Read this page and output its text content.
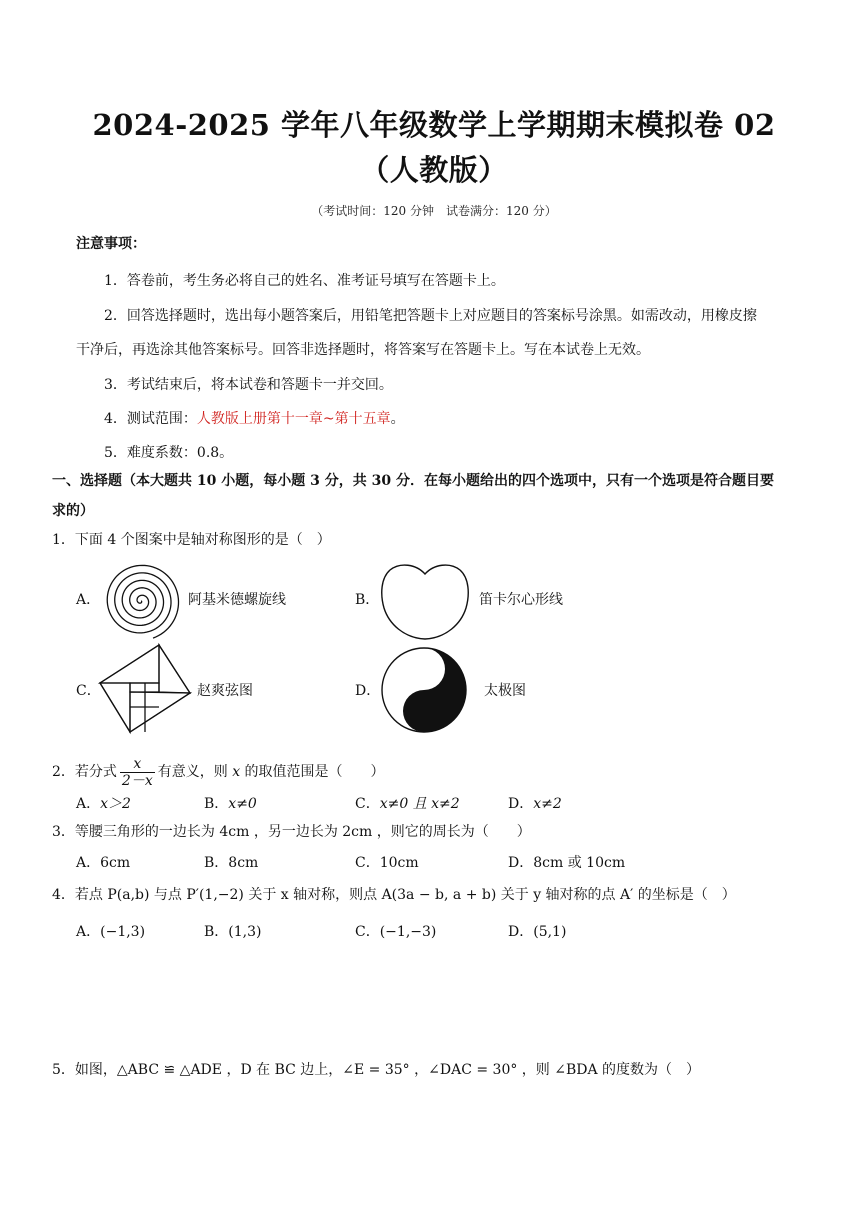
2024-2025 学年八年级数学上学期期末模拟卷 02
（人教版）
（考试时间：120 分钟　试卷满分：120 分）
注意事项：
1．答卷前，考生务必将自己的姓名、准考证号填写在答题卡上。
2．回答选择题时，选出每小题答案后，用铅笔把答题卡上对应题目的答案标号涂黑。如需改动，用橡皮擦
干净后，再选涂其他答案标号。回答非选择题时，将答案写在答题卡上。写在本试卷上无效。
3．考试结束后，将本试卷和答题卡一并交回。
4．测试范围：人教版上册第十一章~第十五章。
5．难度系数：0.8。
一、选择题（本大题共 10 小题，每小题 3 分，共 30 分．在每小题给出的四个选项中，只有一个选项是符合题目要
求的）
1．下面 4 个图案中是轴对称图形的是（　）
A．	阿基米德螺旋线	B．	笛卡尔心形线
C．	赵爽弦图	D．	太极图
2．若分式 $\frac{x}{2-x}$ 有意义，则 x 的取值范围是（　　）
A．x＞2	B．x≠0	C．x≠0 且 x≠2	D．x≠2
3．等腰三角形的一边长为 4cm ，另一边长为 2cm ，则它的周长为（　　）
A．6cm	B．8cm	C．10cm	D．8cm 或 10cm
4．若点 P(a,b) 与点 P′(1,−2) 关于 x 轴对称，则点 A(3a − b, a + b) 关于 y 轴对称的点 A′ 的坐标是（　）
A．(−1,3)	B．(1,3)	C．(−1,−3)	D．(5,1)
5．如图，△ABC ≌ △ADE ，D 在 BC 边上，∠E = 35° ，∠DAC = 30° ，则 ∠BDA 的度数为（　）
